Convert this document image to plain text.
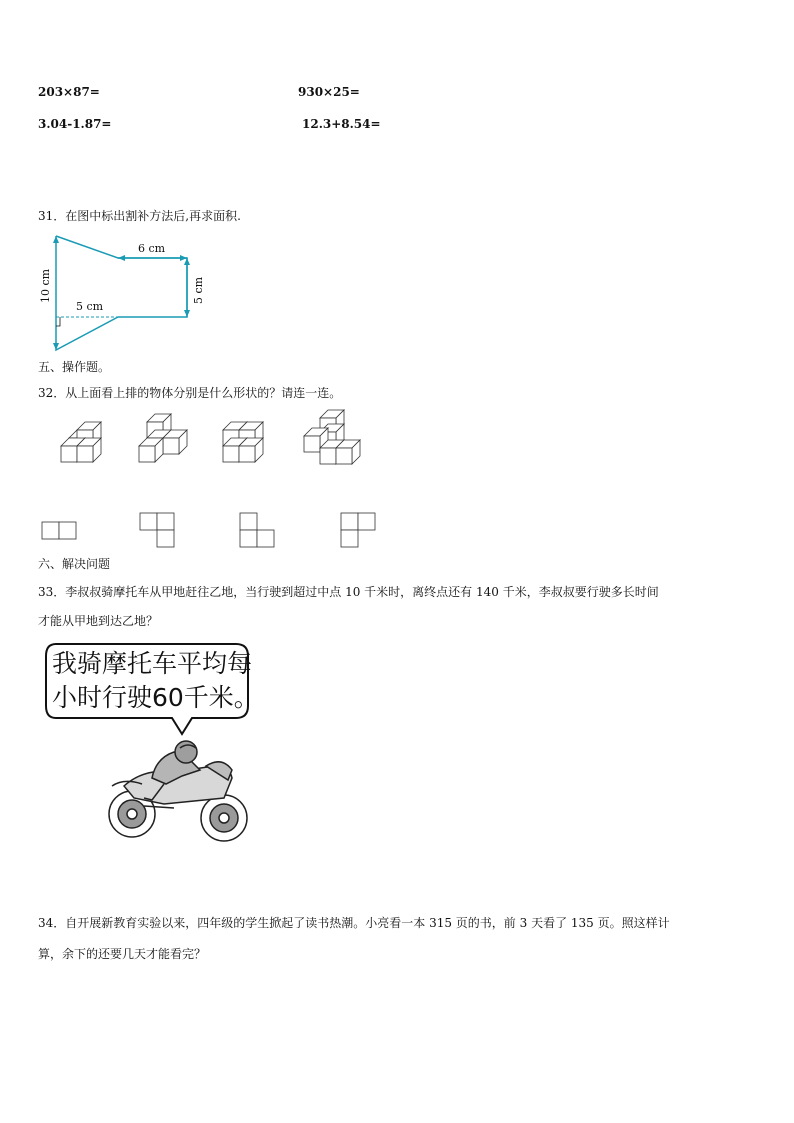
203×87=	930×25=
3.04-1.87=	12.3+8.54=
31．在图中标出割补方法后,再求面积.
6 cm
5 cm
10 cm	5 cm
五、操作题。
32．从上面看上排的物体分别是什么形状的？请连一连。
六、解决问题
33．李叔叔骑摩托车从甲地赶往乙地，当行驶到超过中点 10 千米时，离终点还有 140 千米，李叔叔要行驶多长时间
才能从甲地到达乙地？
我骑摩托车平均每
小时行驶60千米。
34．自开展新教育实验以来，四年级的学生掀起了读书热潮。小亮看一本 315 页的书，前 3 天看了 135 页。照这样计
算，余下的还要几天才能看完？
